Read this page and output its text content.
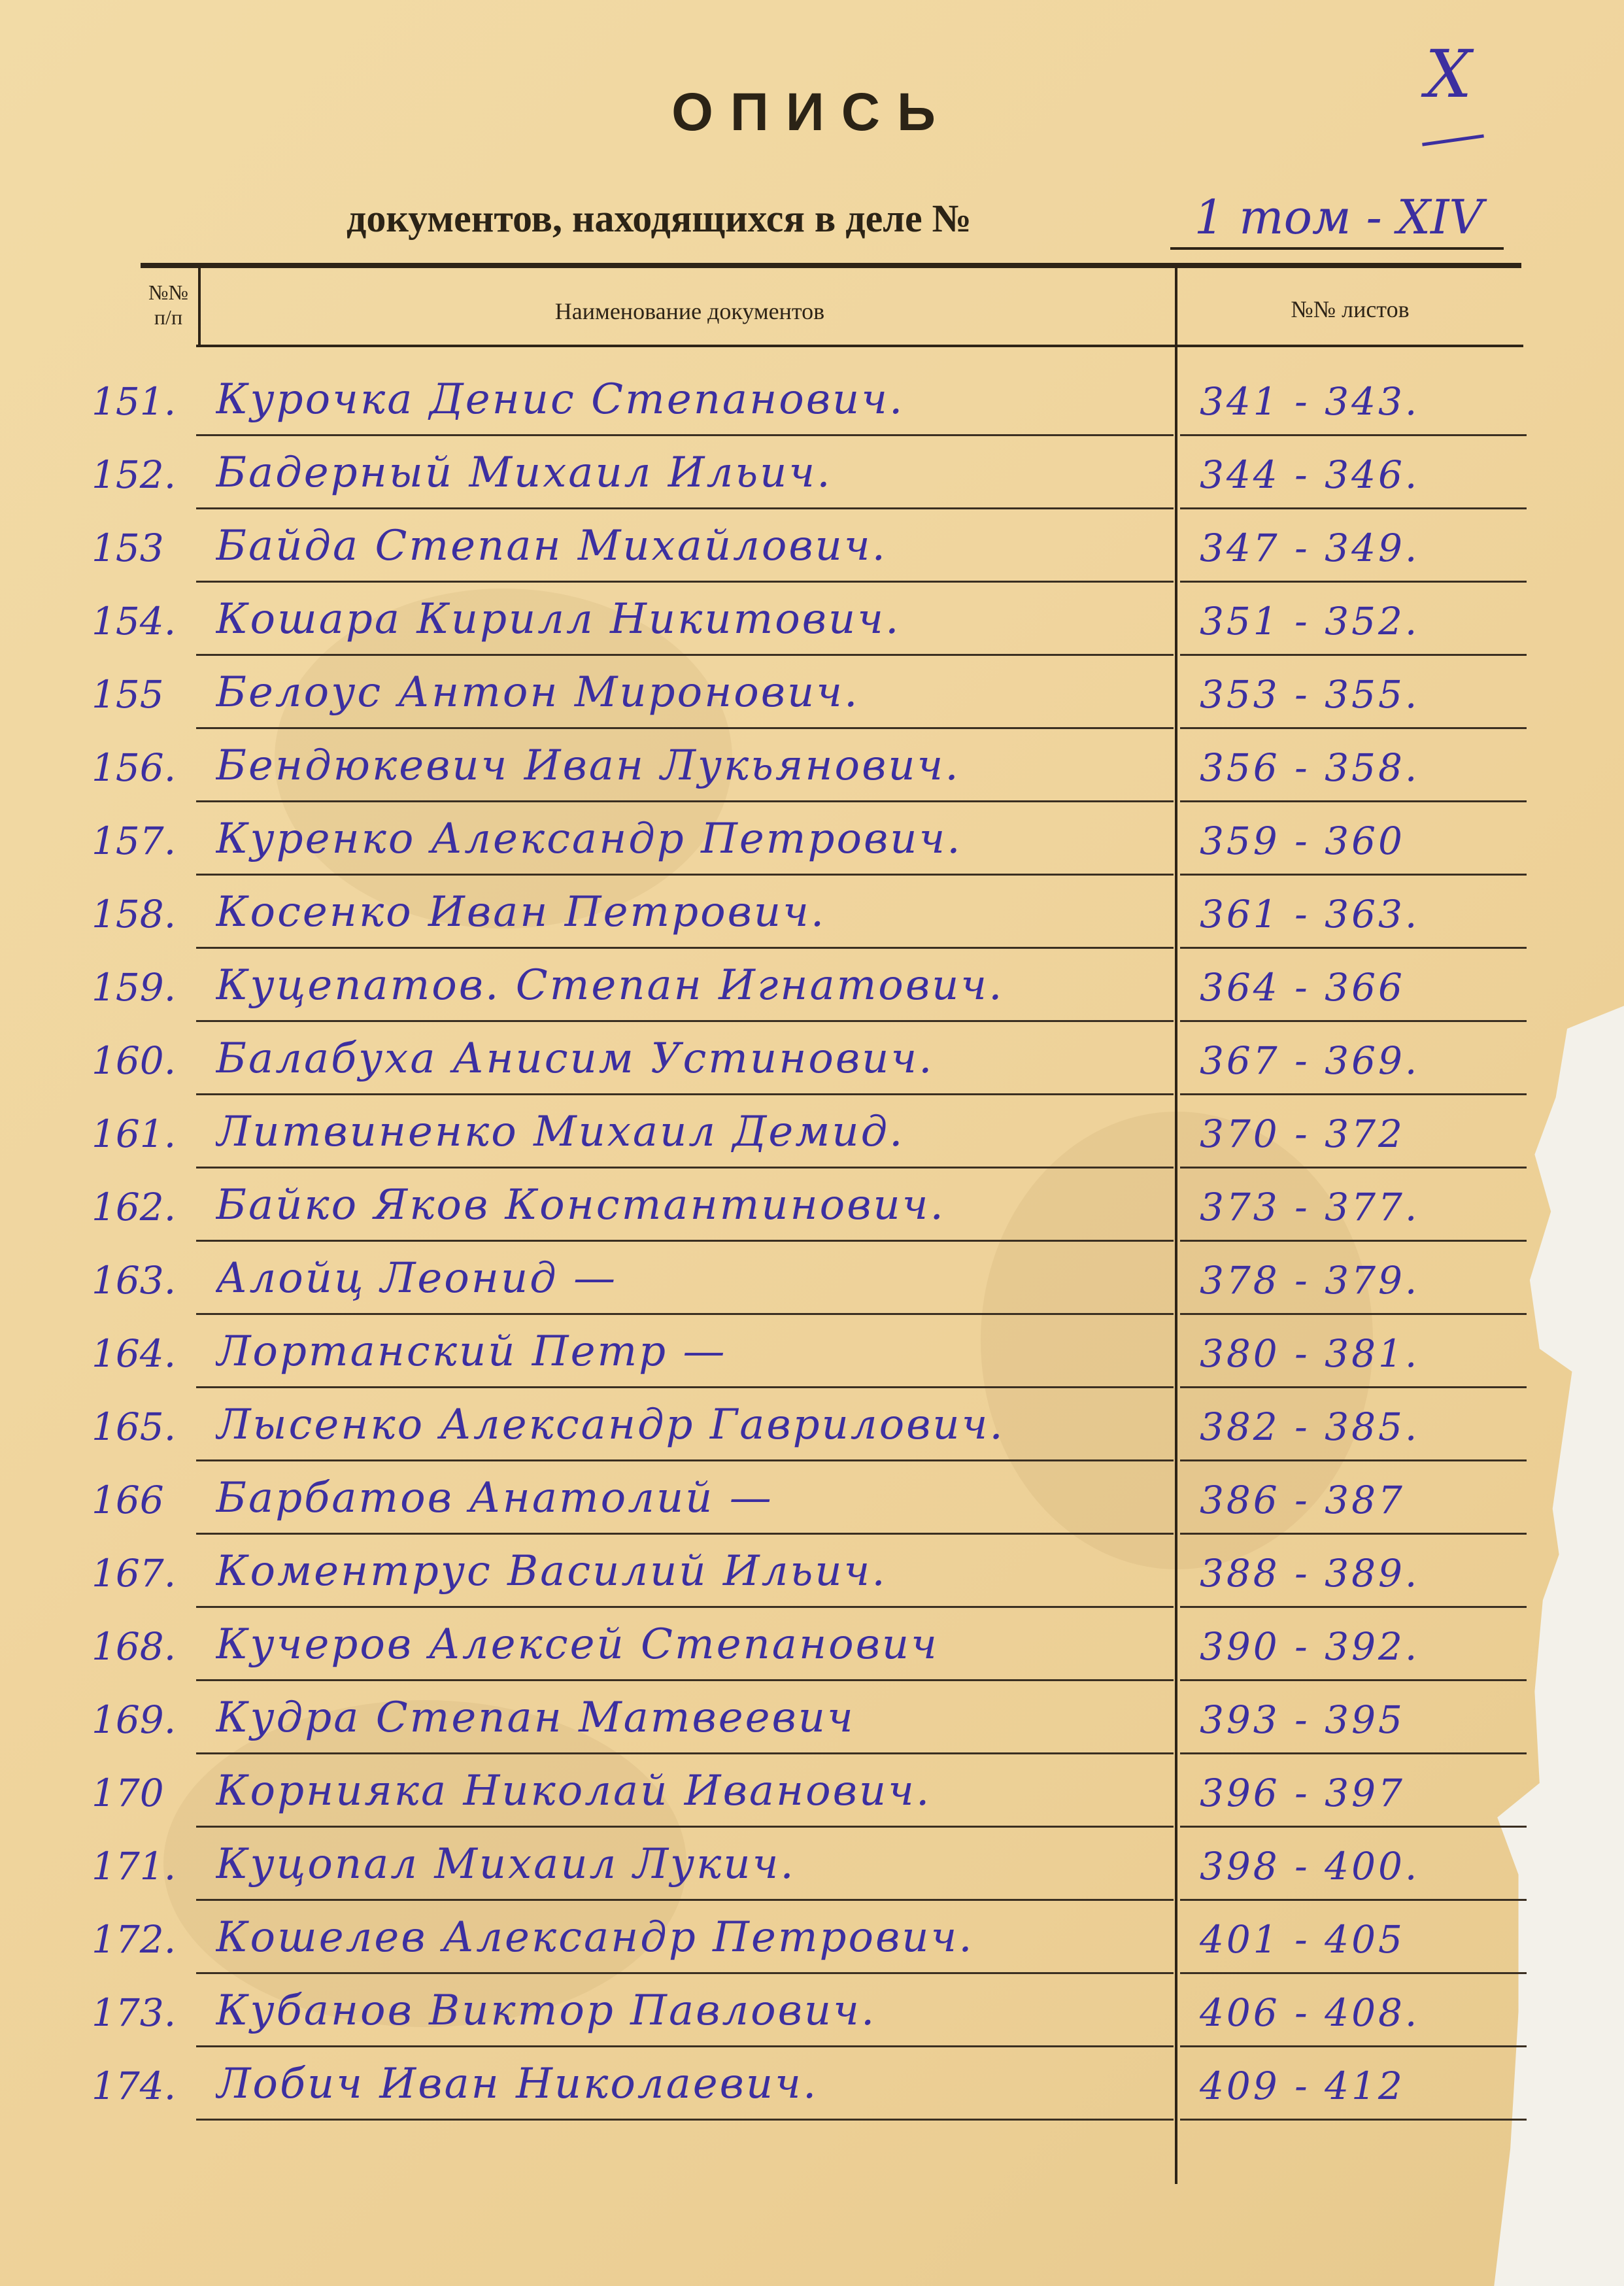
ОПИСЬ	X
документов, находящихся в деле №	1 том - XIV
№№ п/п	Наименование документов	№№ листов
151. Курочка Денис Степанович.	341 - 343.
152. Бадерный Михаил Ильич.	344 - 346.
153	Байда Степан Михайлович.	347 - 349.
154. Кошара Кирилл Никитович.	351 - 352.
155	Белоус Антон Миронович.	353 - 355.
156. Бендюкевич Иван Лукьянович.	356 - 358.
157. Куренко Александр Петрович.	359 - 360
158. Косенко Иван Петрович.	361 - 363.
159. Куцепатов. Степан Игнатович.	364 - 366
160. Балабуха Анисим Устинович.	367 - 369.
161. Литвиненко Михаил Демид.	370 - 372
162. Байко Яков Константинович.	373 - 377.
163. Алойц Леонид —	378 - 379.
164. Лортанский Петр —	380 - 381.
165. Лысенко Александр Гаврилович.	382 - 385.
166	Барбатов Анатолий —	386 - 387
167. Коментрус Василий Ильич.	388 - 389.
168. Кучеров Алексей Степанович	390 - 392.
169. Кудра Степан Матвеевич	393 - 395
170	Корнияка Николай Иванович.	396 - 397
171. Куцопал Михаил Лукич.	398 - 400.
172. Кошелев Александр Петрович.	401 - 405
173. Кубанов Виктор Павлович.	406 - 408.
174. Лобич Иван Николаевич.	409 - 412
